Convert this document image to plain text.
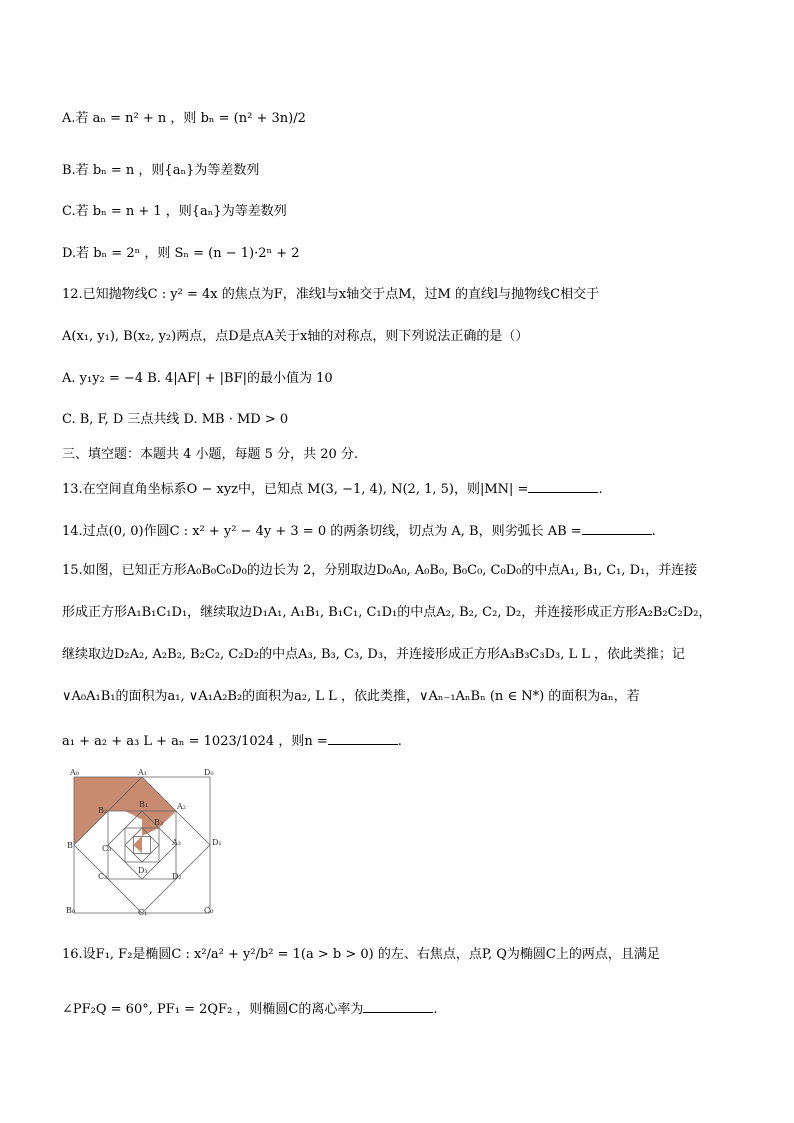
A.若 aₙ = n² + n ，则 bₙ = (n² + 3n)/2
B.若 bₙ = n ，则{aₙ}为等差数列
C.若 bₙ = n + 1 ，则{aₙ}为等差数列
D.若 bₙ = 2ⁿ ，则 Sₙ = (n − 1)·2ⁿ + 2
12.已知抛物线C : y² = 4x 的焦点为F，准线l与x轴交于点M，过M 的直线l与抛物线C相交于
A(x₁, y₁), B(x₂, y₂)两点，点D是点A关于x轴的对称点，则下列说法正确的是（）
A. y₁y₂ = −4 B. 4|AF| + |BF|的最小值为 10
C. B, F, D 三点共线 D. MB · MD > 0
三、填空题：本题共 4 小题，每题 5 分，共 20 分.
13.在空间直角坐标系O − xyz中，已知点 M(3, −1, 4), N(2, 1, 5)，则|MN| =	.
14.过点(0, 0)作圆C : x² + y² − 4y + 3 = 0 的两条切线，切点为 A, B，则劣弧长 AB =	.
15.如图，已知正方形A₀B₀C₀D₀的边长为 2，分别取边D₀A₀, A₀B₀, B₀C₀, C₀D₀的中点A₁, B₁, C₁, D₁，并连接
形成正方形A₁B₁C₁D₁，继续取边D₁A₁, A₁B₁, B₁C₁, C₁D₁的中点A₂, B₂, C₂, D₂，并连接形成正方形A₂B₂C₂D₂，
继续取边D₂A₂, A₂B₂, B₂C₂, C₂D₂的中点A₃, B₃, C₃, D₃，并连接形成正方形A₃B₃C₃D₃, L L ，依此类推；记
∨A₀A₁B₁的面积为a₁, ∨A₁A₂B₂的面积为a₂, L L ，依此类推，∨Aₙ₋₁AₙBₙ (n ∈ N*) 的面积为aₙ，若
a₁ + a₂ + a₃ L + aₙ = 1023/1024 ，则n =	.
A₀	A₁	D₀
B₁	A₂
B₂
B	C₃
A₃	D₁
B₃
D₃
C₂	D₂
B₀	C₁	C₀
16.设F₁, F₂是椭圆C : x²/a² + y²/b² = 1(a > b > 0) 的左、右焦点，点P, Q为椭圆C上的两点，且满足
∠PF₂Q = 60°, PF₁ = 2QF₂ ，则椭圆C的离心率为	.
